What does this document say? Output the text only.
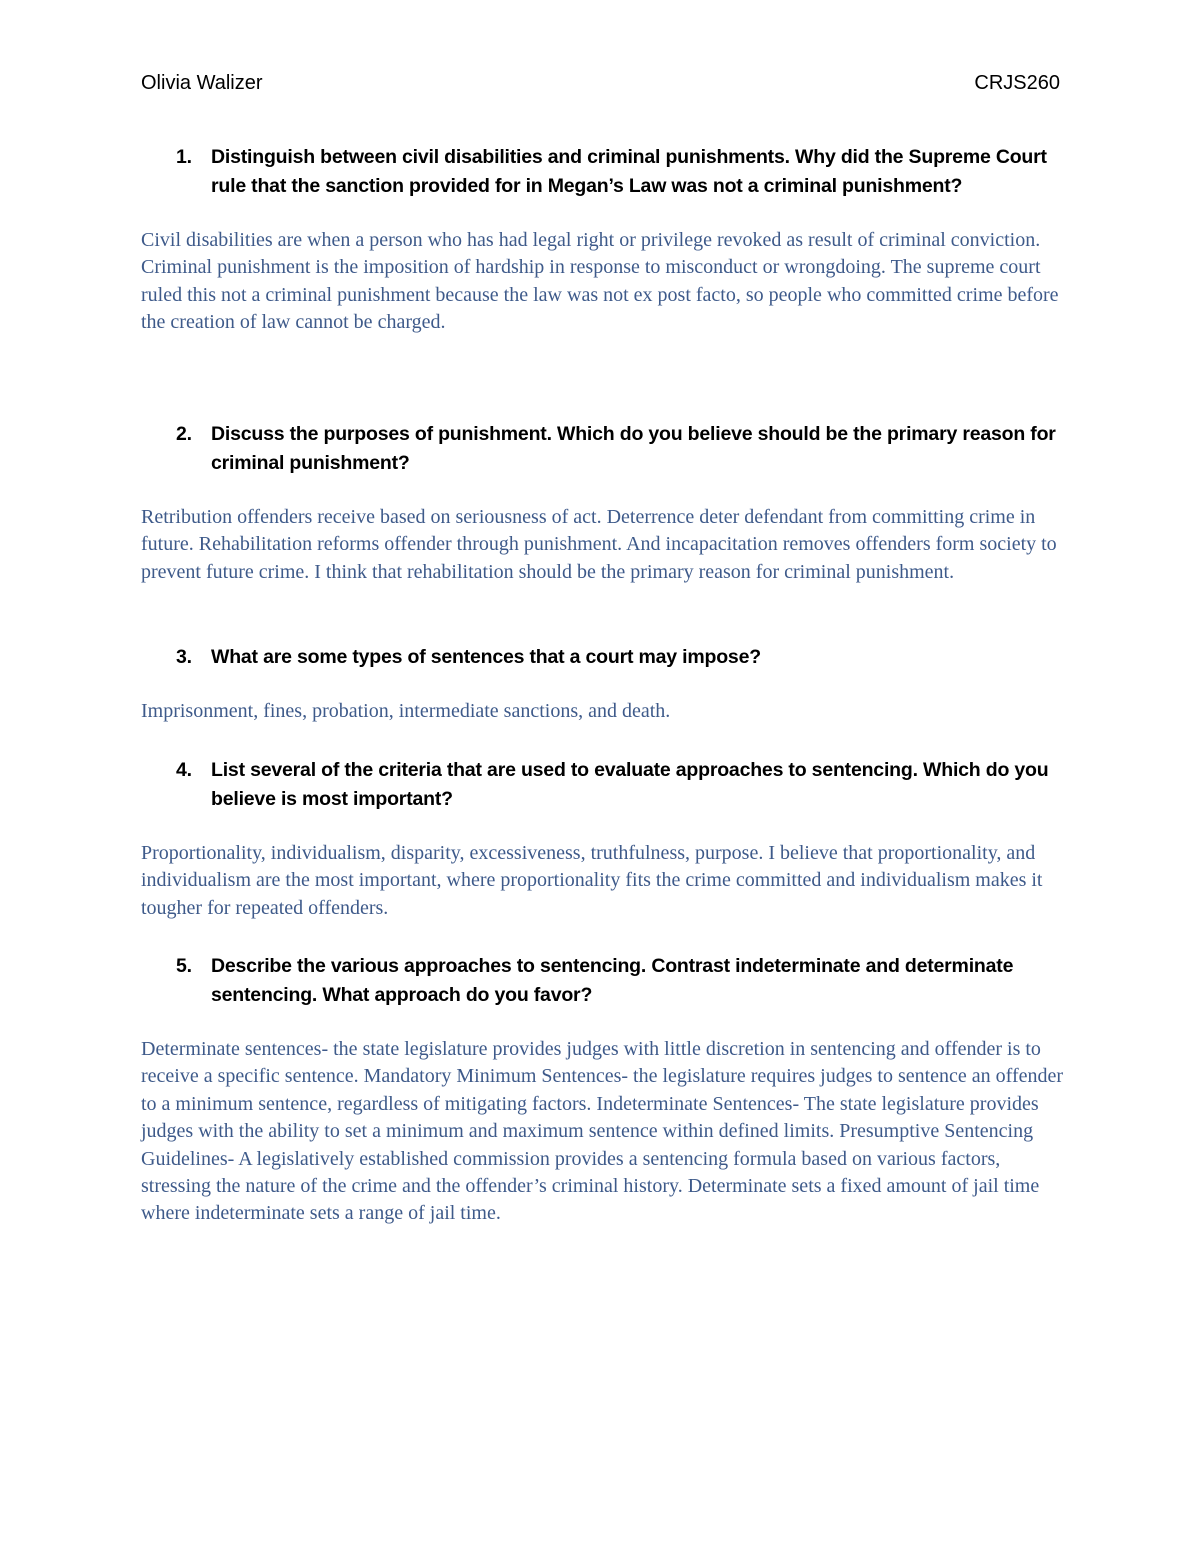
Olivia Walizer	CRJS260
1. Distinguish between civil disabilities and criminal punishments. Why did the Supreme Court rule that the sanction provided for in Megan’s Law was not a criminal punishment?
Civil disabilities are when a person who has had legal right or privilege revoked as result of criminal conviction. Criminal punishment is the imposition of hardship in response to misconduct or wrongdoing. The supreme court ruled this not a criminal punishment because the law was not ex post facto, so people who committed crime before the creation of law cannot be charged.
2. Discuss the purposes of punishment. Which do you believe should be the primary reason for criminal punishment?
Retribution offenders receive based on seriousness of act. Deterrence deter defendant from committing crime in future. Rehabilitation reforms offender through punishment. And incapacitation removes offenders form society to prevent future crime. I think that rehabilitation should be the primary reason for criminal punishment.
3. What are some types of sentences that a court may impose?
Imprisonment, fines, probation, intermediate sanctions, and death.
4. List several of the criteria that are used to evaluate approaches to sentencing. Which do you believe is most important?
Proportionality, individualism, disparity, excessiveness, truthfulness, purpose. I believe that proportionality, and individualism are the most important, where proportionality fits the crime committed and individualism makes it tougher for repeated offenders.
5. Describe the various approaches to sentencing. Contrast indeterminate and determinate sentencing. What approach do you favor?
Determinate sentences- the state legislature provides judges with little discretion in sentencing and offender is to receive a specific sentence. Mandatory Minimum Sentences- the legislature requires judges to sentence an offender to a minimum sentence, regardless of mitigating factors. Indeterminate Sentences- The state legislature provides judges with the ability to set a minimum and maximum sentence within defined limits. Presumptive Sentencing Guidelines- A legislatively established commission provides a sentencing formula based on various factors, stressing the nature of the crime and the offender’s criminal history. Determinate sets a fixed amount of jail time where indeterminate sets a range of jail time.
